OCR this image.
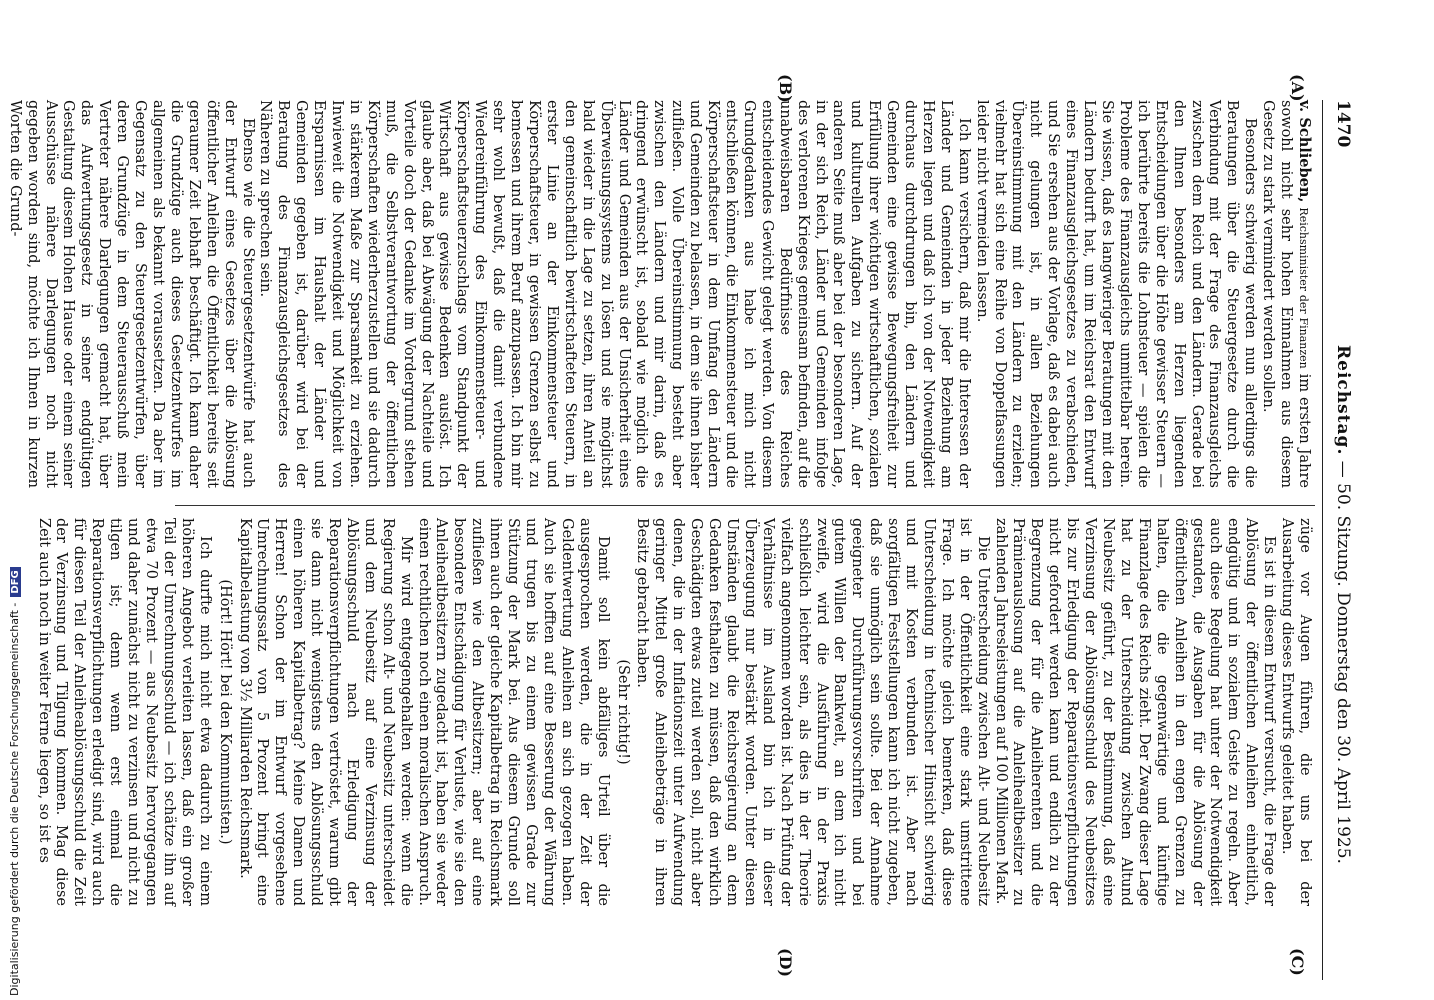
1470
Reichstag. — 50. Sitzung. Donnerstag den 30. April 1925.
(A)
(B)
(C)
(D)

v. Schlieben, Reichsminister der Finanzen im ersten Jahre sowohl nicht sehr hohen Einnahmen aus diesem Gesetz zu stark vermindert werden sollen.

Besonders schwierig werden nun allerdings die Beratungen über die Steuergesetze durch die Verbindung mit der Frage des Finanzausgleichs zwischen dem Reich und den Ländern. Gerade bei den Ihnen besonders am Herzen liegenden Entscheidungen über die Höhe gewisser Steuern — ich berührte bereits die Lohnsteuer — spielen die Probleme des Finanzausgleichs unmittelbar herein. Sie wissen, daß es langwieriger Beratungen mit den Ländern bedurft hat, um im Reichsrat den Entwurf eines Finanzausgleichsgesetzes zu verabschieden, und Sie ersehen aus der Vorlage, daß es dabei auch nicht gelungen ist, in allen Beziehungen Übereinstimmung mit den Ländern zu erzielen; vielmehr hat sich eine Reihe von Doppelfassungen leider nicht vermeiden lassen.

Ich kann versichern, daß mir die Interessen der Länder und Gemeinden in jeder Beziehung am Herzen liegen und daß ich von der Notwendigkeit durchaus durchdrungen bin, den Ländern und Gemeinden eine gewisse Bewegungsfreiheit zur Erfüllung ihrer wichtigen wirtschaftlichen, sozialen und kulturellen Aufgaben zu sichern. Auf der anderen Seite muß aber bei der besonderen Lage, in der sich Reich, Länder und Gemeinden infolge des verlorenen Krieges gemeinsam befinden, auf die unabweisbaren Bedürfnisse des Reiches entscheidendes Gewicht gelegt werden. Von diesem Grundgedanken aus habe ich mich nicht entschließen können, die Einkommensteuer und die Körperschaftsteuer in dem Umfang den Ländern und Gemeinden zu belassen, in dem sie ihnen bisher zufließen. Volle Übereinstimmung besteht aber zwischen den Ländern und mir darin, daß es dringend erwünscht ist, sobald wie möglich die Länder und Gemeinden aus der Unsicherheit eines Überweisungssystems zu lösen und sie möglichst bald wieder in die Lage zu setzen, ihren Anteil an den gemeinschaftlich bewirtschafteten Steuern, in erster Linie an der Einkommensteuer und Körperschaftsteuer, in gewissen Grenzen selbst zu bemessen und ihrem Beruf anzupassen. Ich bin mir sehr wohl bewußt, daß die damit verbundene Wiedereinführung des Einkommensteuer- und Körperschaftsteuerzuschlags vom Standpunkt der Wirtschaft aus gewisse Bedenken auslöst. Ich glaube aber, daß bei Abwägung der Nachteile und Vorteile doch der Gedanke im Vordergrund stehen muß, die Selbstverantwortung der öffentlichen Körperschaften wiederherzustellen und sie dadurch in stärkerem Maße zur Sparsamkeit zu erziehen. Inwieweit die Notwendigkeit und Möglichkeit von Ersparnissen im Haushalt der Länder und Gemeinden gegeben ist, darüber wird bei der Beratung des Finanzausgleichsgesetzes des Näheren zu sprechen sein.

Ebenso wie die Steuergesetzentwürfe hat auch der Entwurf eines Gesetzes über die Ablösung öffentlicher Anleihen die Öffentlichkeit bereits seit geraumer Zeit lebhaft beschäftigt. Ich kann daher die Grundzüge auch dieses Gesetzentwurfes im allgemeinen als bekannt voraussetzen. Da aber im Gegensatz zu den Steuergesetzentwürfen, über deren Grundzüge in dem Steuerausschuß mein Vertreter nähere Darlegungen gemacht hat, über das Aufwertungsgesetz in seiner endgültigen Gestaltung diesem Hohen Hause oder einem seiner Ausschüsse nähere Darlegungen noch nicht gegeben worden sind, möchte ich Ihnen in kurzen Worten die Grund-

züge vor Augen führen, die uns bei der Ausarbeitung dieses Entwurfs geleitet haben.

Es ist in diesem Entwurf versucht, die Frage der Ablösung der öffentlichen Anleihen einheitlich, endgültig und in sozialem Geiste zu regeln. Aber auch diese Regelung hat unter der Notwendigkeit gestanden, die Ausgaben für die Ablösung der öffentlichen Anleihen in den engen Grenzen zu halten, die die gegenwärtige und künftige Finanzlage des Reichs zieht. Der Zwang dieser Lage hat zu der Unterscheidung zwischen Altund Neubesitz geführt, zu der Bestimmung, daß eine Verzinsung der Ablösungsschuld des Neubesitzes bis zur Erledigung der Reparationsverpflichtungen nicht gefordert werden kann und endlich zu der Begrenzung der für die Anleiherenten und die Prämienauslosung auf die Anleihealtbesitzer zu zahlenden Jahresleistungen auf 100 Millionen Mark.

Die Unterscheidung zwischen Alt- und Neubesitz ist in der Öffentlichkeit eine stark umstrittene Frage. Ich möchte gleich bemerken, daß diese Unterscheidung in technischer Hinsicht schwierig und mit Kosten verbunden ist. Aber nach sorgfältigen Feststellungen kann ich nicht zugeben, daß sie unmöglich sein sollte. Bei der Annahme geeigneter Durchführungsvorschriften und bei gutem Willen der Bankwelt, an dem ich nicht zweifle, wird die Ausführung in der Praxis schließlich leichter sein, als dies in der Theorie vielfach angenommen worden ist. Nach Prüfung der Verhältnisse im Ausland bin ich in dieser Überzeugung nur bestärkt worden. Unter diesen Umständen glaubt die Reichsregierung an dem Gedanken festhalten zu müssen, daß den wirklich Geschädigten etwas zuteil werden soll, nicht aber denen, die in der Inflationszeit unter Aufwendung geringer Mittel große Anleihebeträge in ihren Besitz gebracht haben.

(Sehr richtig!)

Damit soll kein abfälliges Urteil über die ausgesprochen werden, die in der Zeit der Geldentwertung Anleihen an sich gezogen haben. Auch sie hofften auf eine Besserung der Währung und trugen bis zu einem gewissen Grade zur Stützung der Mark bei. Aus diesem Grunde soll ihnen auch der gleiche Kapitalbetrag in Reichsmark zufließen wie den Altbesitzern; aber auf eine besondere Entschädigung für Verluste, wie sie den Anleihealtbesitzern zugedacht ist, haben sie weder einen rechtlichen noch einen moralischen Anspruch.

Mir wird entgegengehalten werden: wenn die Regierung schon Alt- und Neubesitz unterscheidet und dem Neubesitz auf eine Verzinsung der Ablösungsschuld nach Erledigung der Reparationsverpflichtungen vertröstet, warum gibt sie dann nicht wenigstens den Ablösungsschuld einen höheren Kapitalbetrag? Meine Damen und Herren! Schon der im Entwurf vorgesehene Umrechnungssatz von 5 Prozent bringt eine Kapitalbelastung von 3½ Milliarden Reichsmark.

(Hört! Hört! bei den Kommunisten.)

Ich durfte mich nicht etwa dadurch zu einem höheren Angebot verleiten lassen, daß ein großer Teil der Umrechnungsschuld — ich schätze ihn auf etwa 70 Prozent — aus Neubesitz hervorgegangen und daher zunächst nicht zu verzinsen und nicht zu tilgen ist; denn wenn erst einmal die Reparationsverpflichtungen erledigt sind, wird auch für diesen Teil der Anleiheablösungsschuld die Zeit der Verzinsung und Tilgung kommen. Mag diese Zeit auch noch in weiter Ferne liegen, so ist es

Digitalisierung gefördert durch die Deutsche Forschungsgemeinschaft -DFG
